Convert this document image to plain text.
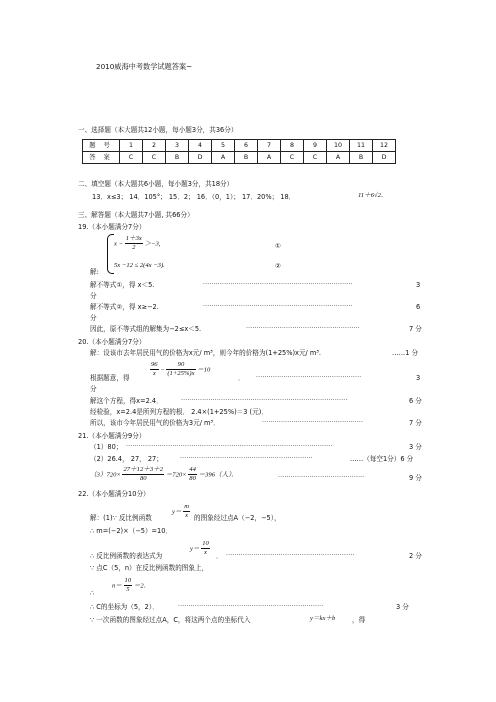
2010威海中考数学试题答案~
一、选择题（本大题共12小题，每小题3分，共36分）
题 号	1	2	3	4	5	6	7	8	9	10	11	12
答 案	C	C	B	D	A	B	A	C	C	A	B	D
二、填空题（本大题共6小题，每小题3分，共18分）
13．x≤3； 14．105°； 15．2； 16．（0，1）； 17．20%； 18．	11＋6√2．
三、解答题（本大题共7小题, 共66分）
19.（本小题满分7分）
$x - \frac{1+3x}{2} >-3$,	①
5x −12 ≤ 2(4x −3).	②
解:
解不等式①，得 x＜5.	·······································································	3
分
解不等式②，得 x≥−2.	·······································································	6
分
因此，原不等式组的解集为−2≤x＜5.	······················································	7 分
20.（本小题满分7分）
解：设该市去年居民用气的价格为x元/ m³，则今年的价格为(1+25%)x元/ m³.	……1 分
根据题意，得	$\frac{96}{x} - \frac{90}{(1+25\%)x} =10$
． ··················································	3
分
解这个方程，得x=2.4．	···············································································	6 分
经检验，x=2.4是所列方程的根． 2.4×(1+25%)＝3 (元)．
所以，该市今年居民用气的价格为3元/ m³．	················································	7 分
21.（本小题满分9分）
（1）80； ··································································································	3 分
（2）26.4， 27， 27；	·······························································	……（每空1分）6 分
$(3)720\times \frac{27+12+3+2}{80} =720\times \frac{44}{80} =396$（人）．	·········································	9 分
22.（本小题满分10分）
解：(1)∵ 反比例函数
$y= \frac{m}{x}$ 的图象经过点A（−2，−5），
∴ m=(−2)×（−5）=10．
∴ 反比例函数的表达式为
$y= \frac{10}{x}$ ． ·····························································	2 分
∵ 点C（5，n）在反比例函数的图象上，
∴
$n= \frac{10}{5} =2$．
∴ C的坐标为（5，2）．	·····································································	3 分
∵ 一次函数的图象经过点A，C，将这两个点的坐标代入	y＝kx＋b	，得
